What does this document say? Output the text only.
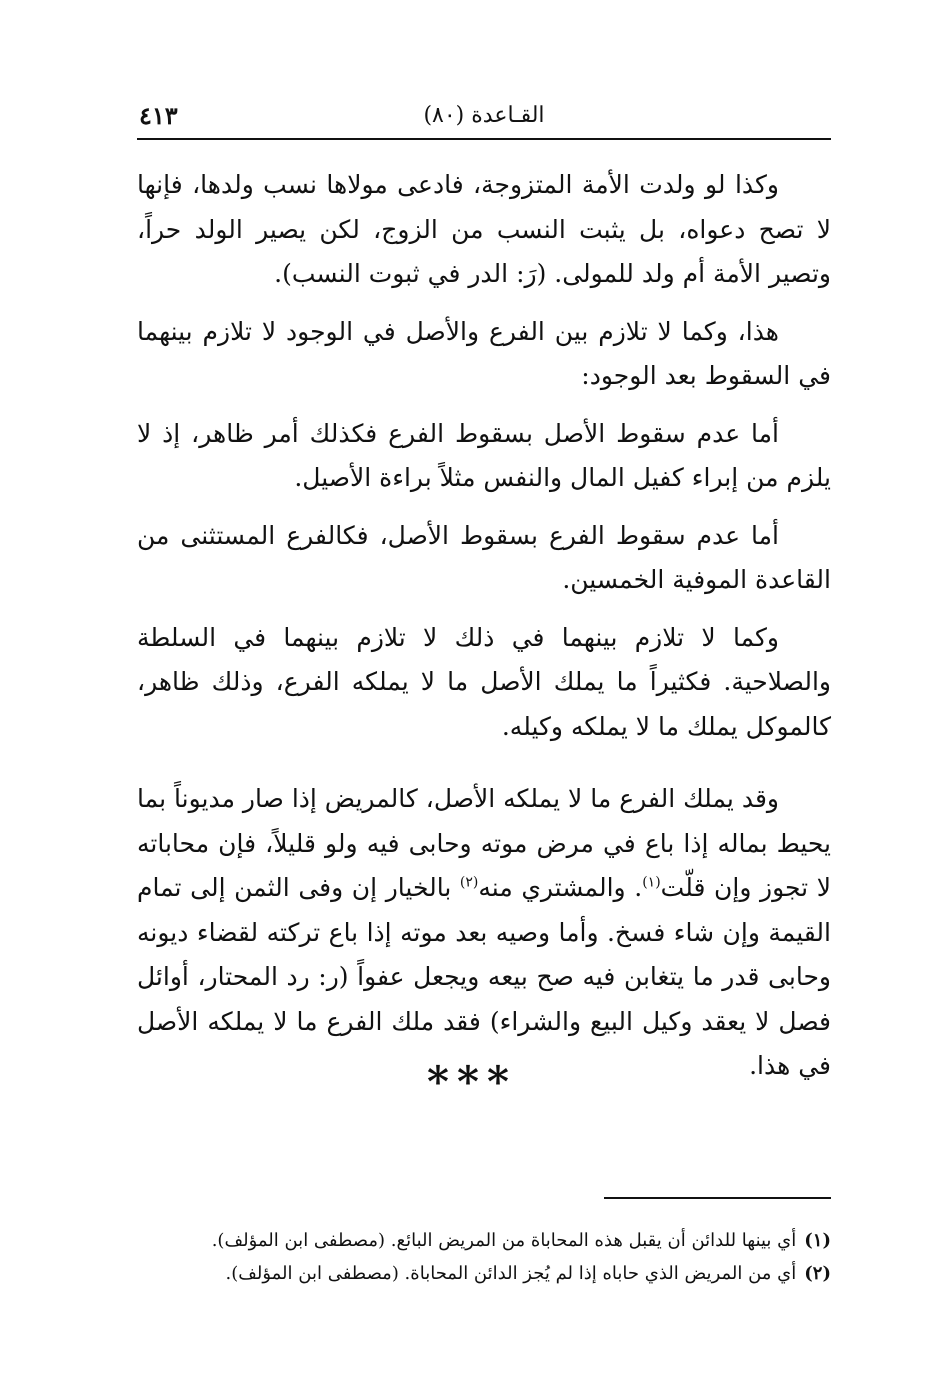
القـاعدة (٨٠)
٤١٣

وكذا لو ولدت الأمة المتزوجة، فادعى مولاها نسب ولدها، فإنها لا تصح دعواه، بل يثبت النسب من الزوج، لكن يصير الولد حراً، وتصير الأمة أم ولد للمولى. (رَ: الدر في ثبوت النسب).

هذا، وكما لا تلازم بين الفرع والأصل في الوجود لا تلازم بينهما في السقوط بعد الوجود:

أما عدم سقوط الأصل بسقوط الفرع فكذلك أمر ظاهر، إذ لا يلزم من إبراء كفيل المال والنفس مثلاً براءة الأصيل.

أما عدم سقوط الفرع بسقوط الأصل، فكالفرع المستثنى من القاعدة الموفية الخمسين.

وكما لا تلازم بينهما في ذلك لا تلازم بينهما في السلطة والصلاحية. فكثيراً ما يملك الأصل ما لا يملكه الفرع، وذلك ظاهر، كالموكل يملك ما لا يملكه وكيله.

وقد يملك الفرع ما لا يملكه الأصل، كالمريض إذا صار مديوناً بما يحيط بماله إذا باع في مرض موته وحابى فيه ولو قليلاً، فإن محاباته لا تجوز وإن قلّت$^{(١)}$. والمشتري منه$^{(٢)}$ بالخيار إن وفى الثمن إلى تمام القيمة وإن شاء فسخ. وأما وصيه بعد موته إذا باع تركته لقضاء ديونه وحابى قدر ما يتغابن فيه صح بيعه ويجعل عفواً (ر: رد المحتار، أوائل فصل لا يعقد وكيل البيع والشراء) فقد ملك الفرع ما لا يملكه الأصل في هذا.

***

(١)أي بينها للدائن أن يقبل هذه المحاباة من المريض البائع. (مصطفى ابن المؤلف).

(٢)أي من المريض الذي حاباه إذا لم يُجز الدائن المحاباة. (مصطفى ابن المؤلف).
